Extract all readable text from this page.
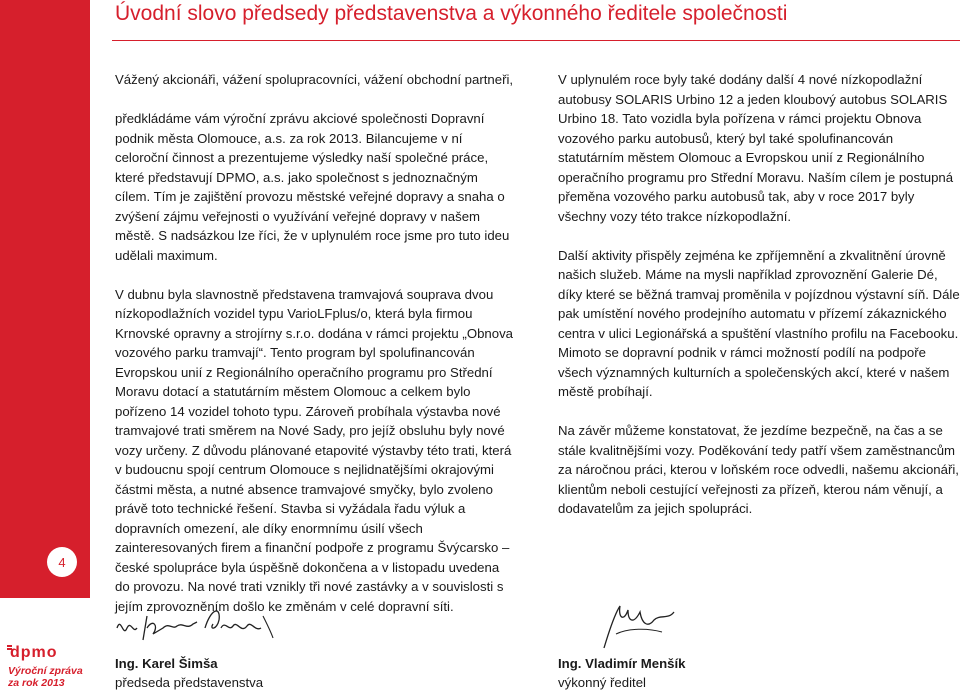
Úvodní slovo předsedy představenstva a výkonného ředitele společnosti
4

Vážený akcionáři, vážení spolupracovníci, vážení obchodní partneři,

předkládáme vám výroční zprávu akciové společnosti Dopravní podnik města Olomouce, a.s. za rok 2013. Bilancujeme v ní celoroční činnost a prezentujeme výsledky naší společné práce, které představují DPMO, a.s. jako společnost s jednoznačným cílem. Tím je zajištění provozu městské veřejné dopravy a snaha o zvýšení zájmu veřejnosti o využívání veřejné dopravy v našem městě. S nadsázkou lze říci, že v uplynulém roce jsme pro tuto ideu udělali maximum.

V dubnu byla slavnostně představena tramvajová souprava dvou nízkopodlažních vozidel typu VarioLFplus/o, která byla firmou Krnovské opravny a strojírny s.r.o. dodána v rámci projektu „Obnova vozového parku tramvají“. Tento program byl spolufinancován Evropskou unií z Regionálního operačního programu pro Střední Moravu dotací a statutárním městem Olomouc a celkem bylo pořízeno 14 vozidel tohoto typu. Zároveň probíhala výstavba nové tramvajové trati směrem na Nové Sady, pro jejíž obsluhu byly nové vozy určeny. Z důvodu plánované etapovité výstavby této trati, která v budoucnu spojí centrum Olomouce s nejlidnatějšími okrajovými částmi města, a nutné absence tramvajové smyčky, bylo zvoleno právě toto technické řešení. Stavba si vyžádala řadu výluk a dopravních omezení, ale díky enormnímu úsilí všech zainteresovaných firem a finanční podpoře z programu Švýcarsko – české spolupráce byla úspěšně dokončena a v listopadu uvedena do provozu. Na nové trati vznikly tři nové zastávky a v souvislosti s jejím zprovozněním došlo ke změnám v celé dopravní síti.

V uplynulém roce byly také dodány další 4 nové nízkopodlažní autobusy SOLARIS Urbino 12 a jeden kloubový autobus SOLARIS Urbino 18. Tato vozidla byla pořízena v rámci projektu Obnova vozového parku autobusů, který byl také spolufinancován statutárním městem Olomouc a Evropskou unií z Regionálního operačního programu pro Střední Moravu. Naším cílem je postupná přeměna vozového parku autobusů tak, aby v roce 2017 byly všechny vozy této trakce nízkopodlažní.

Další aktivity přispěly zejména ke zpříjemnění a zkvalitnění úrovně našich služeb. Máme na mysli například zprovoznění Galerie Dé, díky které se běžná tramvaj proměnila v pojízdnou výstavní síň. Dále pak umístění nového prodejního automatu v přízemí zákaznického centra v ulici Legionářská a spuštění vlastního profilu na Facebooku. Mimoto se dopravní podnik v rámci možností podílí na podpoře všech významných kulturních a společenských akcí, které v našem městě probíhají.

Na závěr můžeme konstatovat, že jezdíme bezpečně, na čas a se stále kvalitnějšími vozy. Poděkování tedy patří všem zaměstnancům za náročnou práci, kterou v loňském roce odvedli, našemu akcionáři, klientům neboli cestující veřejnosti za přízeň, kterou nám věnují, a dodavatelům za jejich spolupráci.

dpmo
Výroční zpráva
za rok 2013
Ing. Karel Šimša
předseda představenstva
Ing. Vladimír Menšík
výkonný ředitel
